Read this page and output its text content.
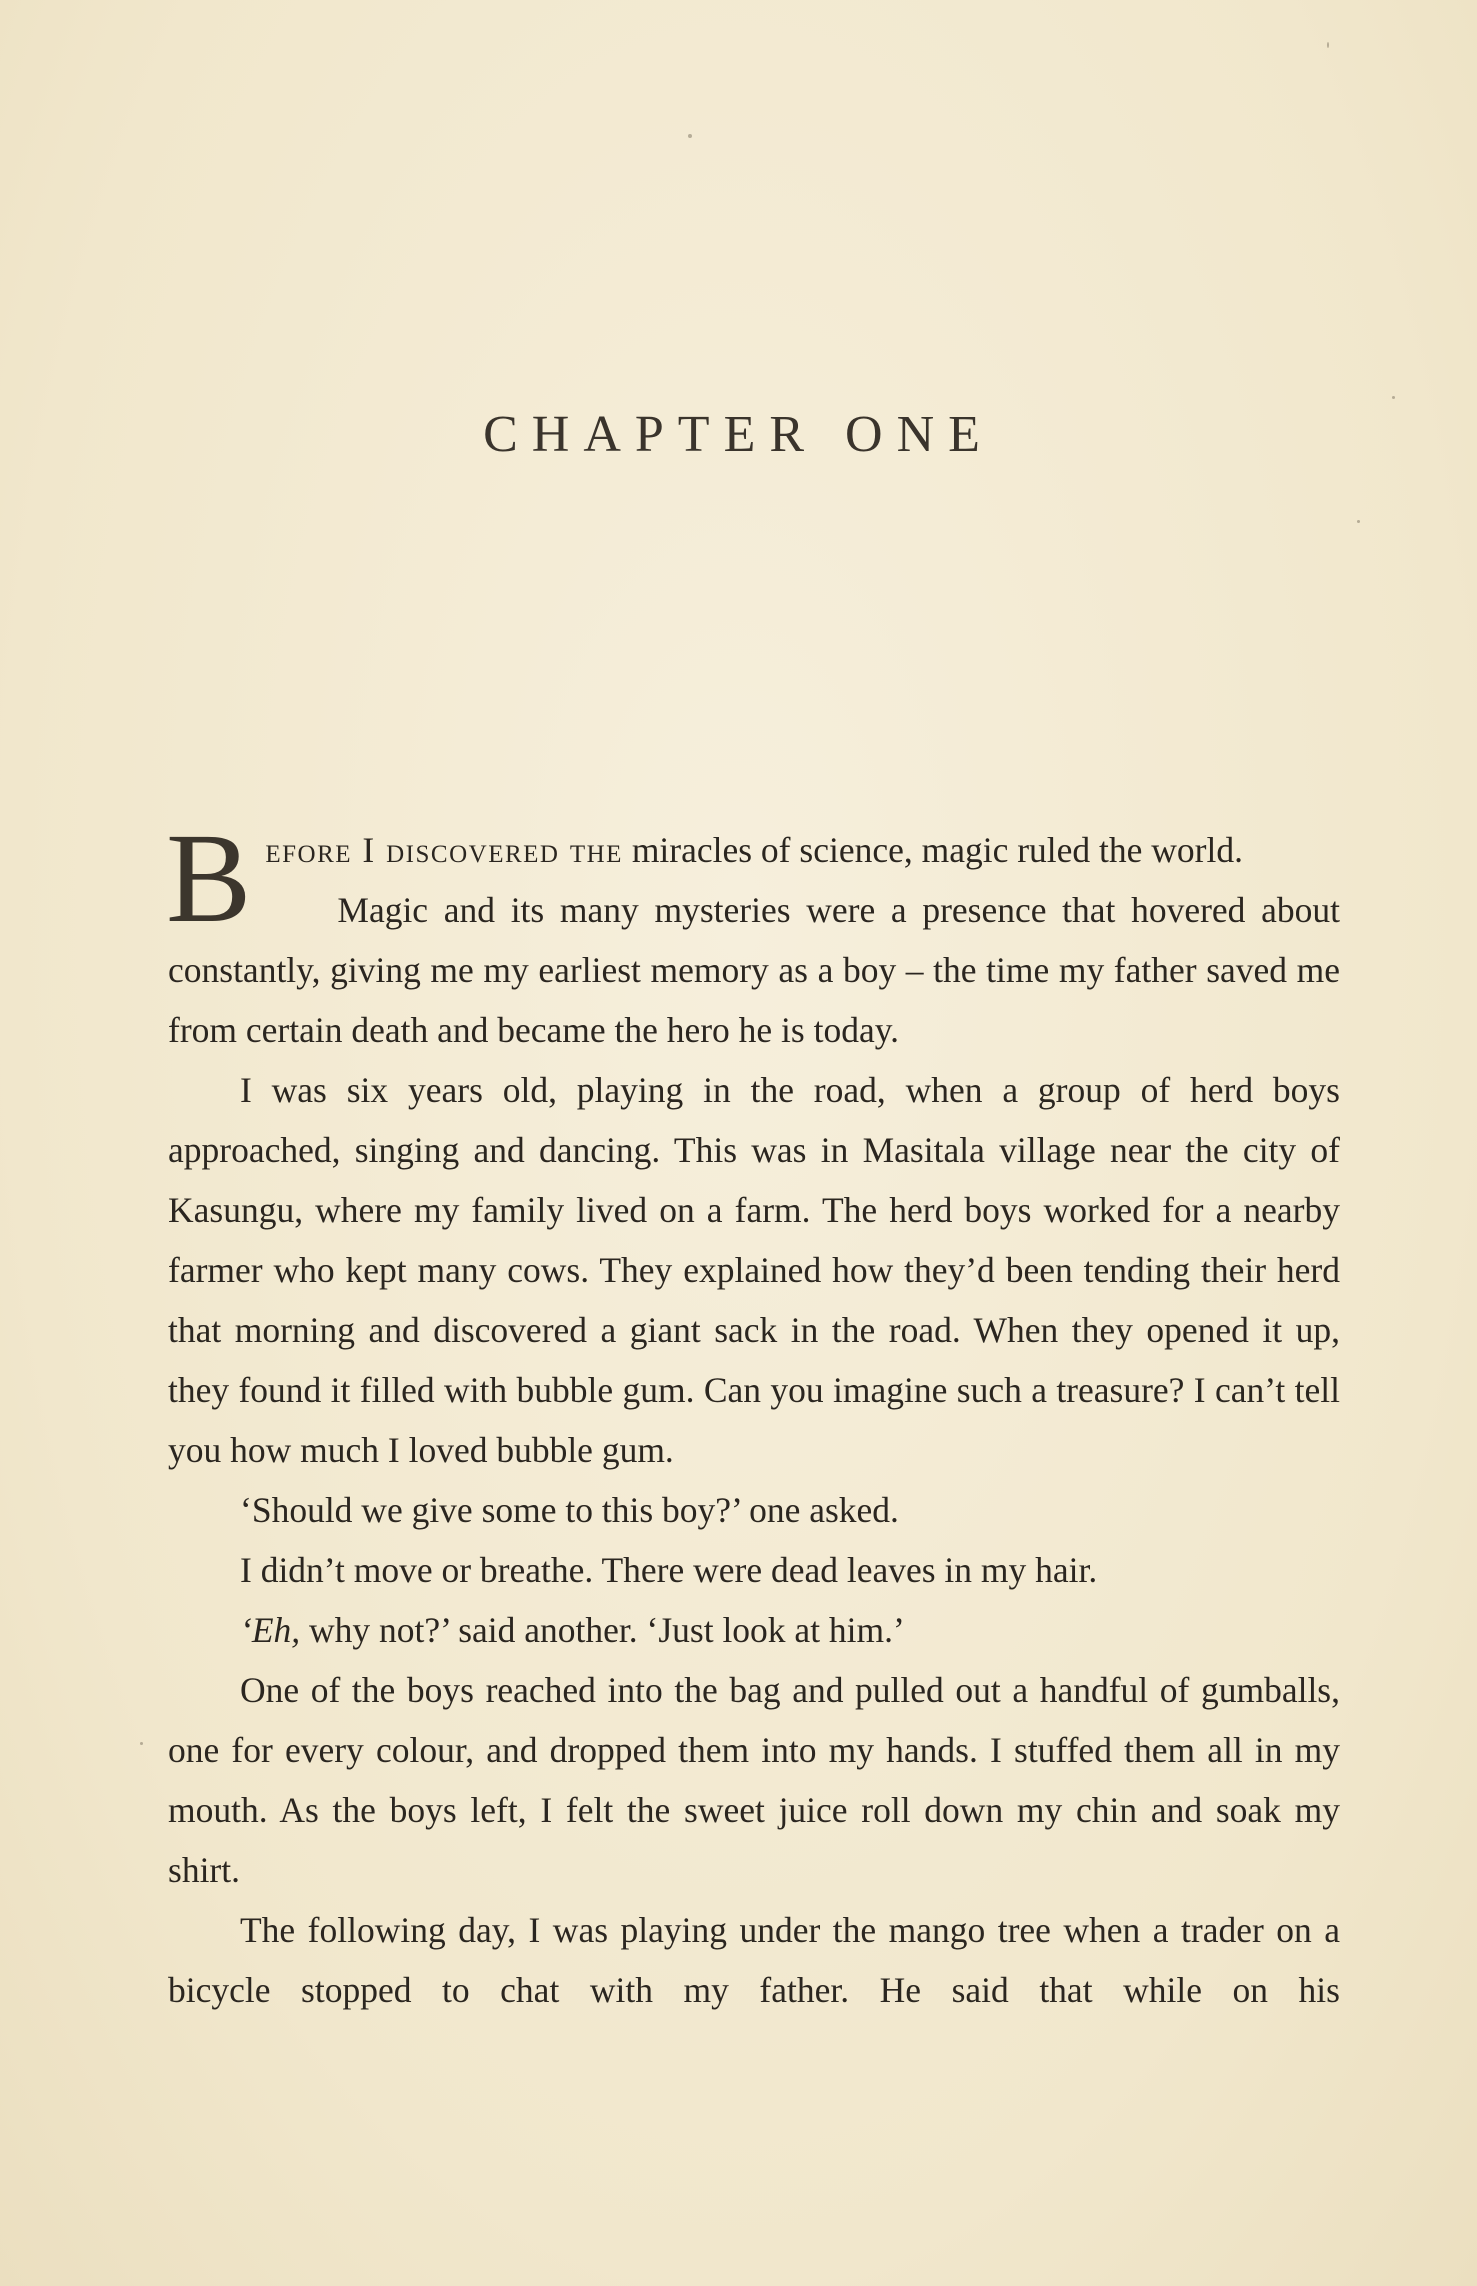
CHAPTER ONE

Before I discovered the miracles of science, magic ruled the world.

Magic and its many mysteries were a presence that hovered about constantly, giving me my earliest memory as a boy – the time my father saved me from certain death and became the hero he is today.

I was six years old, playing in the road, when a group of herd boys approached, singing and dancing. This was in Masitala village near the city of Kasungu, where my family lived on a farm. The herd boys worked for a nearby farmer who kept many cows. They explained how they’d been tending their herd that morning and discovered a giant sack in the road. When they opened it up, they found it filled with bubble gum. Can you imagine such a treasure? I can’t tell you how much I loved bubble gum.

‘Should we give some to this boy?’ one asked.

I didn’t move or breathe. There were dead leaves in my hair.

‘Eh, why not?’ said another. ‘Just look at him.’

One of the boys reached into the bag and pulled out a handful of gumballs, one for every colour, and dropped them into my hands. I stuffed them all in my mouth. As the boys left, I felt the sweet juice roll down my chin and soak my shirt.

The following day, I was playing under the mango tree when a trader on a bicycle stopped to chat with my father. He said that while on his
